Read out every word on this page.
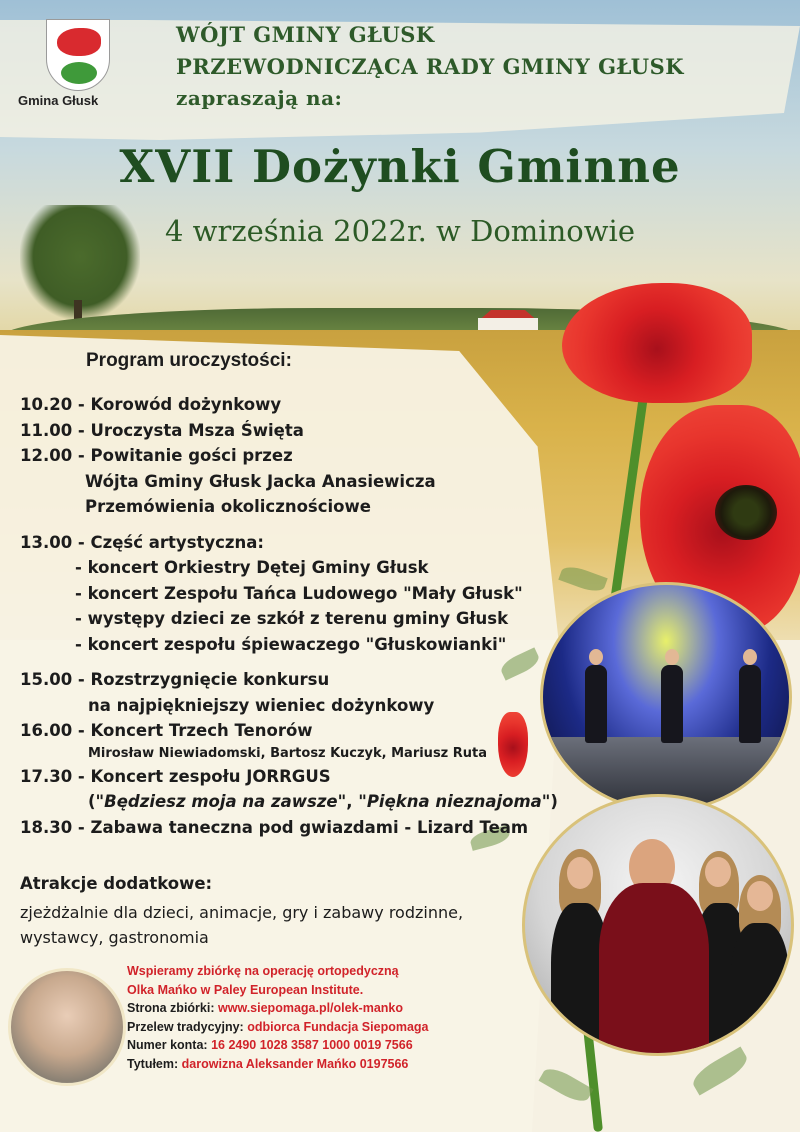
Gmina Głusk
WÓJT GMINY GŁUSK
PRZEWODNICZĄCA RADY GMINY GŁUSK
zapraszają na:
XVII Dożynki Gminne
4 września 2022r. w Dominowie
Program uroczystości:
10.20 - Korowód dożynkowy
11.00 - Uroczysta Msza Święta
12.00 - Powitanie gości przez
Wójta Gminy Głusk Jacka Anasiewicza
Przemówienia okolicznościowe
13.00 - Część artystyczna:
- koncert Orkiestry Dętej Gminy Głusk
- koncert Zespołu Tańca Ludowego "Mały Głusk"
- występy dzieci ze szkół z terenu gminy Głusk
- koncert zespołu śpiewaczego "Głuskowianki"
15.00 - Rozstrzygnięcie konkursu
na najpiękniejszy wieniec dożynkowy
16.00 - Koncert Trzech Tenorów
Mirosław Niewiadomski, Bartosz Kuczyk, Mariusz Ruta
17.30 - Koncert zespołu JORRGUS
("Będziesz moja na zawsze", "Piękna nieznajoma
18.30 - Zabawa taneczna pod gwiazdami - Lizard Team
Atrakcje dodatkowe:
zjeżdżalnie dla dzieci, animacje, gry i zabawy rodzinne, wystawcy, gastronomia
Wspieramy zbiórkę na operację ortopedyczną
Olka Mańko w Paley European Institute.
Strona zbiórki: www.siepomaga.pl/olek-manko
Przelew tradycyjny: odbiorca Fundacja Siepomaga
Numer konta: 16 2490 1028 3587 1000 0019 7566
Tytułem: darowizna Aleksander Mańko 0197566
